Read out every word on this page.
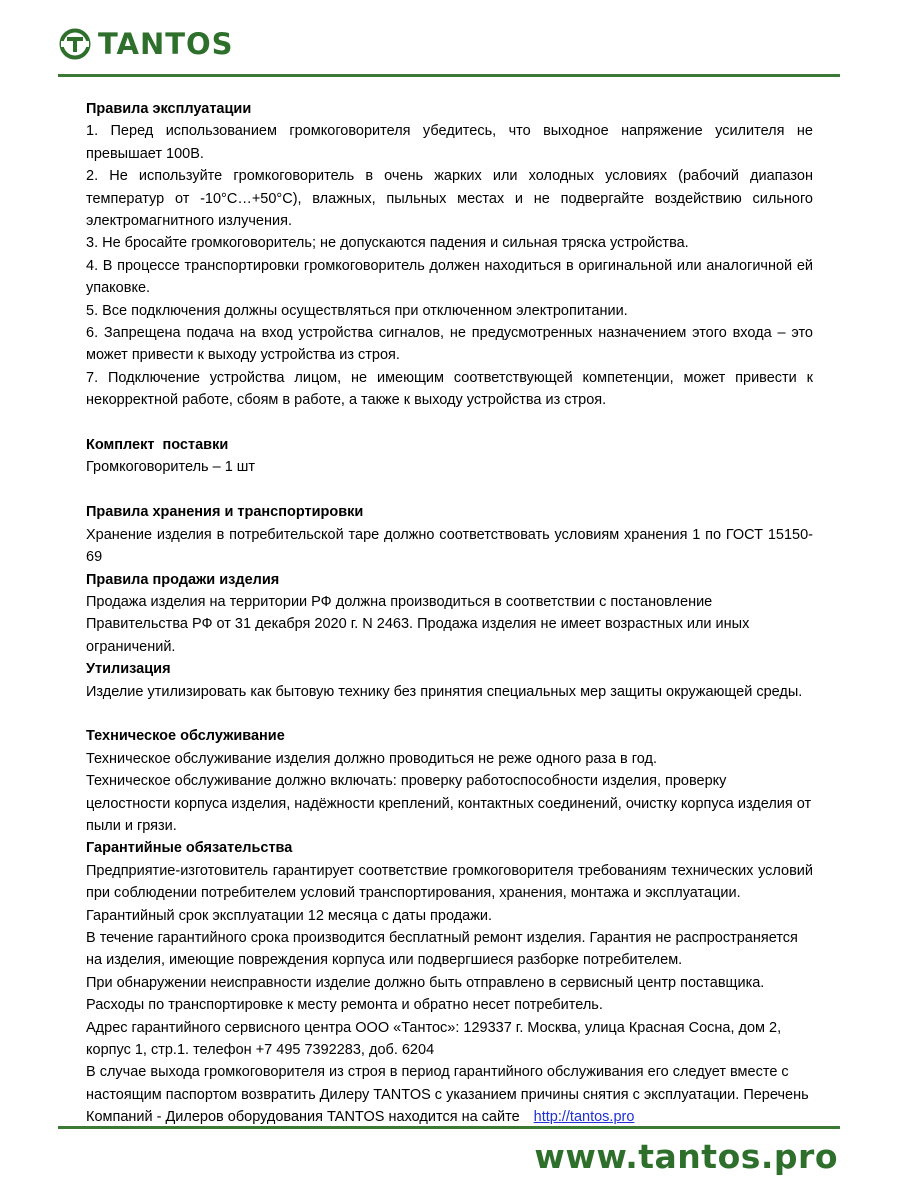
TANTOS
Правила эксплуатации
1. Перед использованием громкоговорителя убедитесь, что выходное напряжение усилителя не превышает 100В.
2. Не используйте громкоговоритель в очень жарких или холодных условиях (рабочий диапазон температур от -10°С…+50°С), влажных, пыльных местах и не подвергайте воздействию сильного электромагнитного излучения.
3. Не бросайте громкоговоритель; не допускаются падения и сильная тряска устройства.
4. В процессе транспортировки громкоговоритель должен находиться в оригинальной или аналогичной ей упаковке.
5. Все подключения должны осуществляться при отключенном электропитании.
6. Запрещена подача на вход устройства сигналов, не предусмотренных назначением этого входа – это может привести к выходу устройства из строя.
7. Подключение устройства лицом, не имеющим соответствующей компетенции, может привести к некорректной работе, сбоям в работе, а также к выходу устройства из строя.
Комплект  поставки
Громкоговоритель – 1 шт
Правила хранения и транспортировки
Хранение изделия в потребительской таре должно соответствовать условиям хранения 1 по ГОСТ 15150-69
Правила продажи изделия
Продажа изделия на территории РФ должна производиться в соответствии с постановление Правительства РФ от 31 декабря 2020 г. N 2463. Продажа изделия не имеет возрастных или иных ограничений.
Утилизация
Изделие утилизировать как бытовую технику без принятия специальных мер защиты окружающей среды.
Техническое обслуживание
Техническое обслуживание изделия должно проводиться не реже одного раза в год.
Техническое обслуживание должно включать: проверку работоспособности изделия, проверку целостности корпуса изделия, надёжности креплений, контактных соединений, очистку корпуса изделия от пыли и грязи.
Гарантийные обязательства
Предприятие-изготовитель гарантирует соответствие громкоговорителя требованиям технических условий при соблюдении потребителем условий транспортирования, хранения, монтажа и эксплуатации.
Гарантийный срок эксплуатации 12 месяца с даты продажи.
В течение гарантийного срока производится бесплатный ремонт изделия. Гарантия не распространяется на изделия, имеющие повреждения корпуса или подвергшиеся разборке потребителем.
При обнаружении неисправности изделие должно быть отправлено в сервисный центр поставщика.
Расходы по транспортировке к месту ремонта и обратно несет потребитель.
Адрес гарантийного сервисного центра ООО «Тантос»: 129337 г. Москва, улица Красная Сосна, дом 2, корпус 1, стр.1. телефон +7 495 7392283, доб. 6204
В случае выхода громкоговорителя из строя в период гарантийного обслуживания его следует вместе с настоящим паспортом возвратить Дилеру TANTOS с указанием причины снятия с эксплуатации. Перечень Компаний - Дилеров оборудования TANTOS находится на сайте http://tantos.pro
www.tantos.pro
